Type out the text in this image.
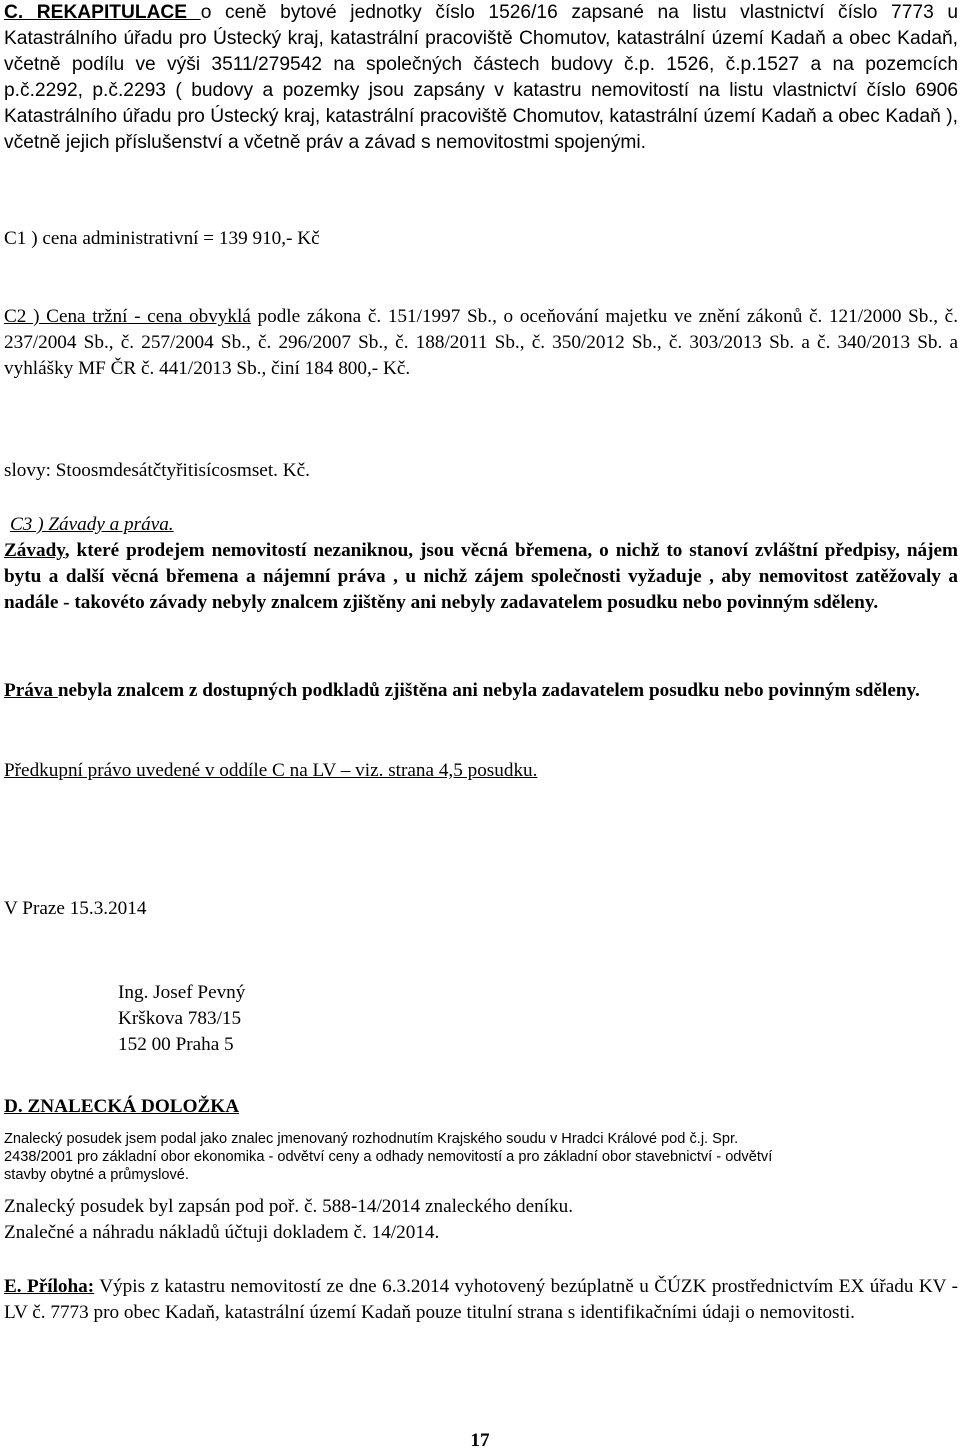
C. REKAPITULACE o ceně bytové jednotky číslo 1526/16 zapsané na listu vlastnictví číslo 7773 u Katastrálního úřadu pro Ústecký kraj, katastrální pracoviště Chomutov, katastrální území Kadaň a obec Kadaň, včetně podílu ve výši 3511/279542 na společných částech budovy č.p. 1526, č.p.1527 a na pozemcích p.č.2292, p.č.2293 ( budovy a pozemky jsou zapsány v katastru nemovitostí na listu vlastnictví číslo 6906 Katastrálního úřadu pro Ústecký kraj, katastrální pracoviště Chomutov, katastrální území Kadaň a obec Kadaň ), včetně jejich příslušenství a včetně práv a závad s nemovitostmi spojenými.

C1 ) cena administrativní = 139 910,- Kč

C2 ) Cena tržní - cena obvyklá podle zákona č. 151/1997 Sb., o oceňování majetku ve znění zákonů č. 121/2000 Sb., č. 237/2004 Sb., č. 257/2004 Sb., č. 296/2007 Sb., č. 188/2011 Sb., č. 350/2012 Sb., č. 303/2013 Sb. a č. 340/2013 Sb. a vyhlášky MF ČR č. 441/2013 Sb., činí 184 800,- Kč.

slovy: Stoosmdesátčtyřitisícosmset. Kč.

C3 ) Závady a práva.

Závady, které prodejem nemovitostí nezaniknou, jsou věcná břemena, o nichž to stanoví zvláštní předpisy, nájem bytu a další věcná břemena a nájemní práva , u nichž zájem společnosti vyžaduje , aby nemovitost zatěžovaly a nadále - takovéto závady nebyly znalcem zjištěny ani nebyly zadavatelem posudku nebo povinným sděleny.

Práva nebyla znalcem z dostupných podkladů zjištěna ani nebyla zadavatelem posudku nebo povinným sděleny.

Předkupní právo uvedené v oddíle C na LV – viz. strana 4,5 posudku.

V Praze 15.3.2014

Ing. Josef Pevný
Krškova 783/15
152 00 Praha 5

D. ZNALECKÁ DOLOŽKA

Znalecký posudek jsem podal jako znalec jmenovaný rozhodnutím Krajského soudu v Hradci Králové pod č.j. Spr.
2438/2001 pro základní obor ekonomika - odvětví ceny a odhady nemovitostí a pro základní obor stavebnictví - odvětví
stavby obytné a průmyslové.

Znalecký posudek byl zapsán pod poř. č. 588-14/2014 znaleckého deníku.

Znalečné a náhradu nákladů účtuji dokladem č. 14/2014.

E. Příloha: Výpis z katastru nemovitostí ze dne 6.3.2014 vyhotovený bezúplatně u ČÚZK prostřednictvím EX úřadu KV - LV č. 7773 pro obec Kadaň, katastrální území Kadaň pouze titulní strana s identifikačními údaji o nemovitosti.

17
